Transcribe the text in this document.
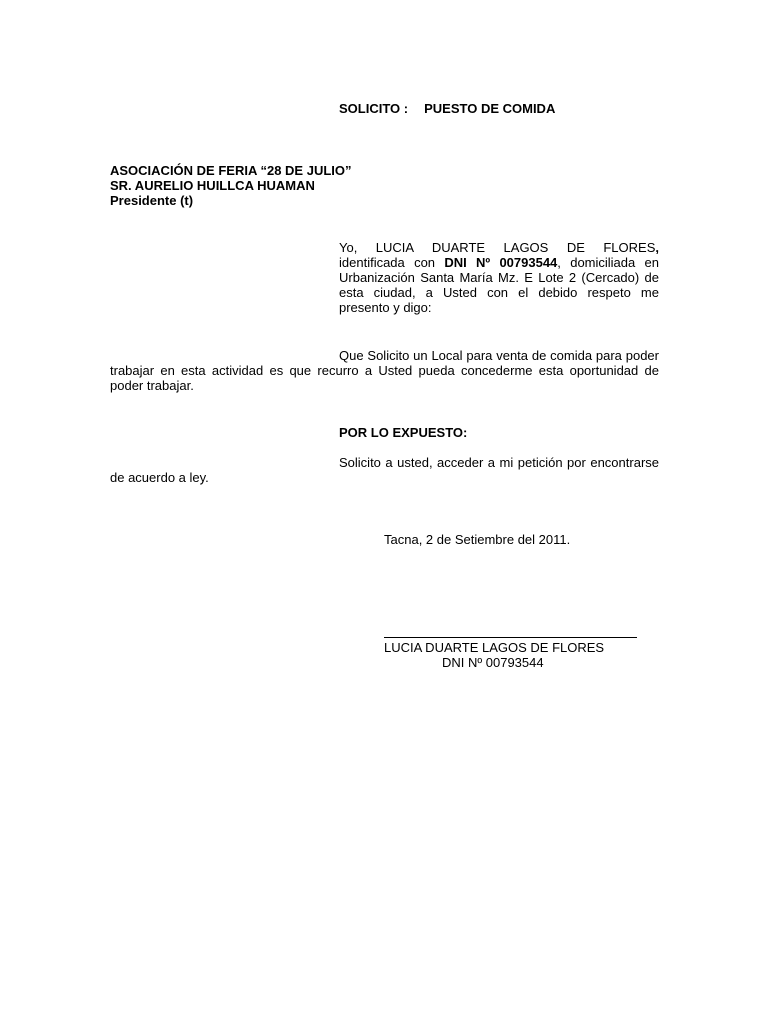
SOLICITO : PUESTO DE COMIDA
ASOCIACIÓN DE FERIA “28 DE JULIO”
SR. AURELIO HUILLCA HUAMAN
Presidente (t)
Yo, LUCIA DUARTE LAGOS DE FLORES,
identificada con DNI Nº 00793544, domiciliada en Urbanización Santa María Mz. E Lote 2 (Cercado) de esta ciudad, a Usted con el debido respeto me presento y digo:
Que Solicito un Local para venta de comida para poder trabajar en esta actividad es que recurro a Usted pueda concederme esta oportunidad de poder trabajar.
POR LO EXPUESTO:
Solicito a usted, acceder a mi petición por encontrarse de acuerdo a ley.
Tacna, 2 de Setiembre del 2011.
LUCIA DUARTE LAGOS DE FLORES
DNI Nº 00793544
